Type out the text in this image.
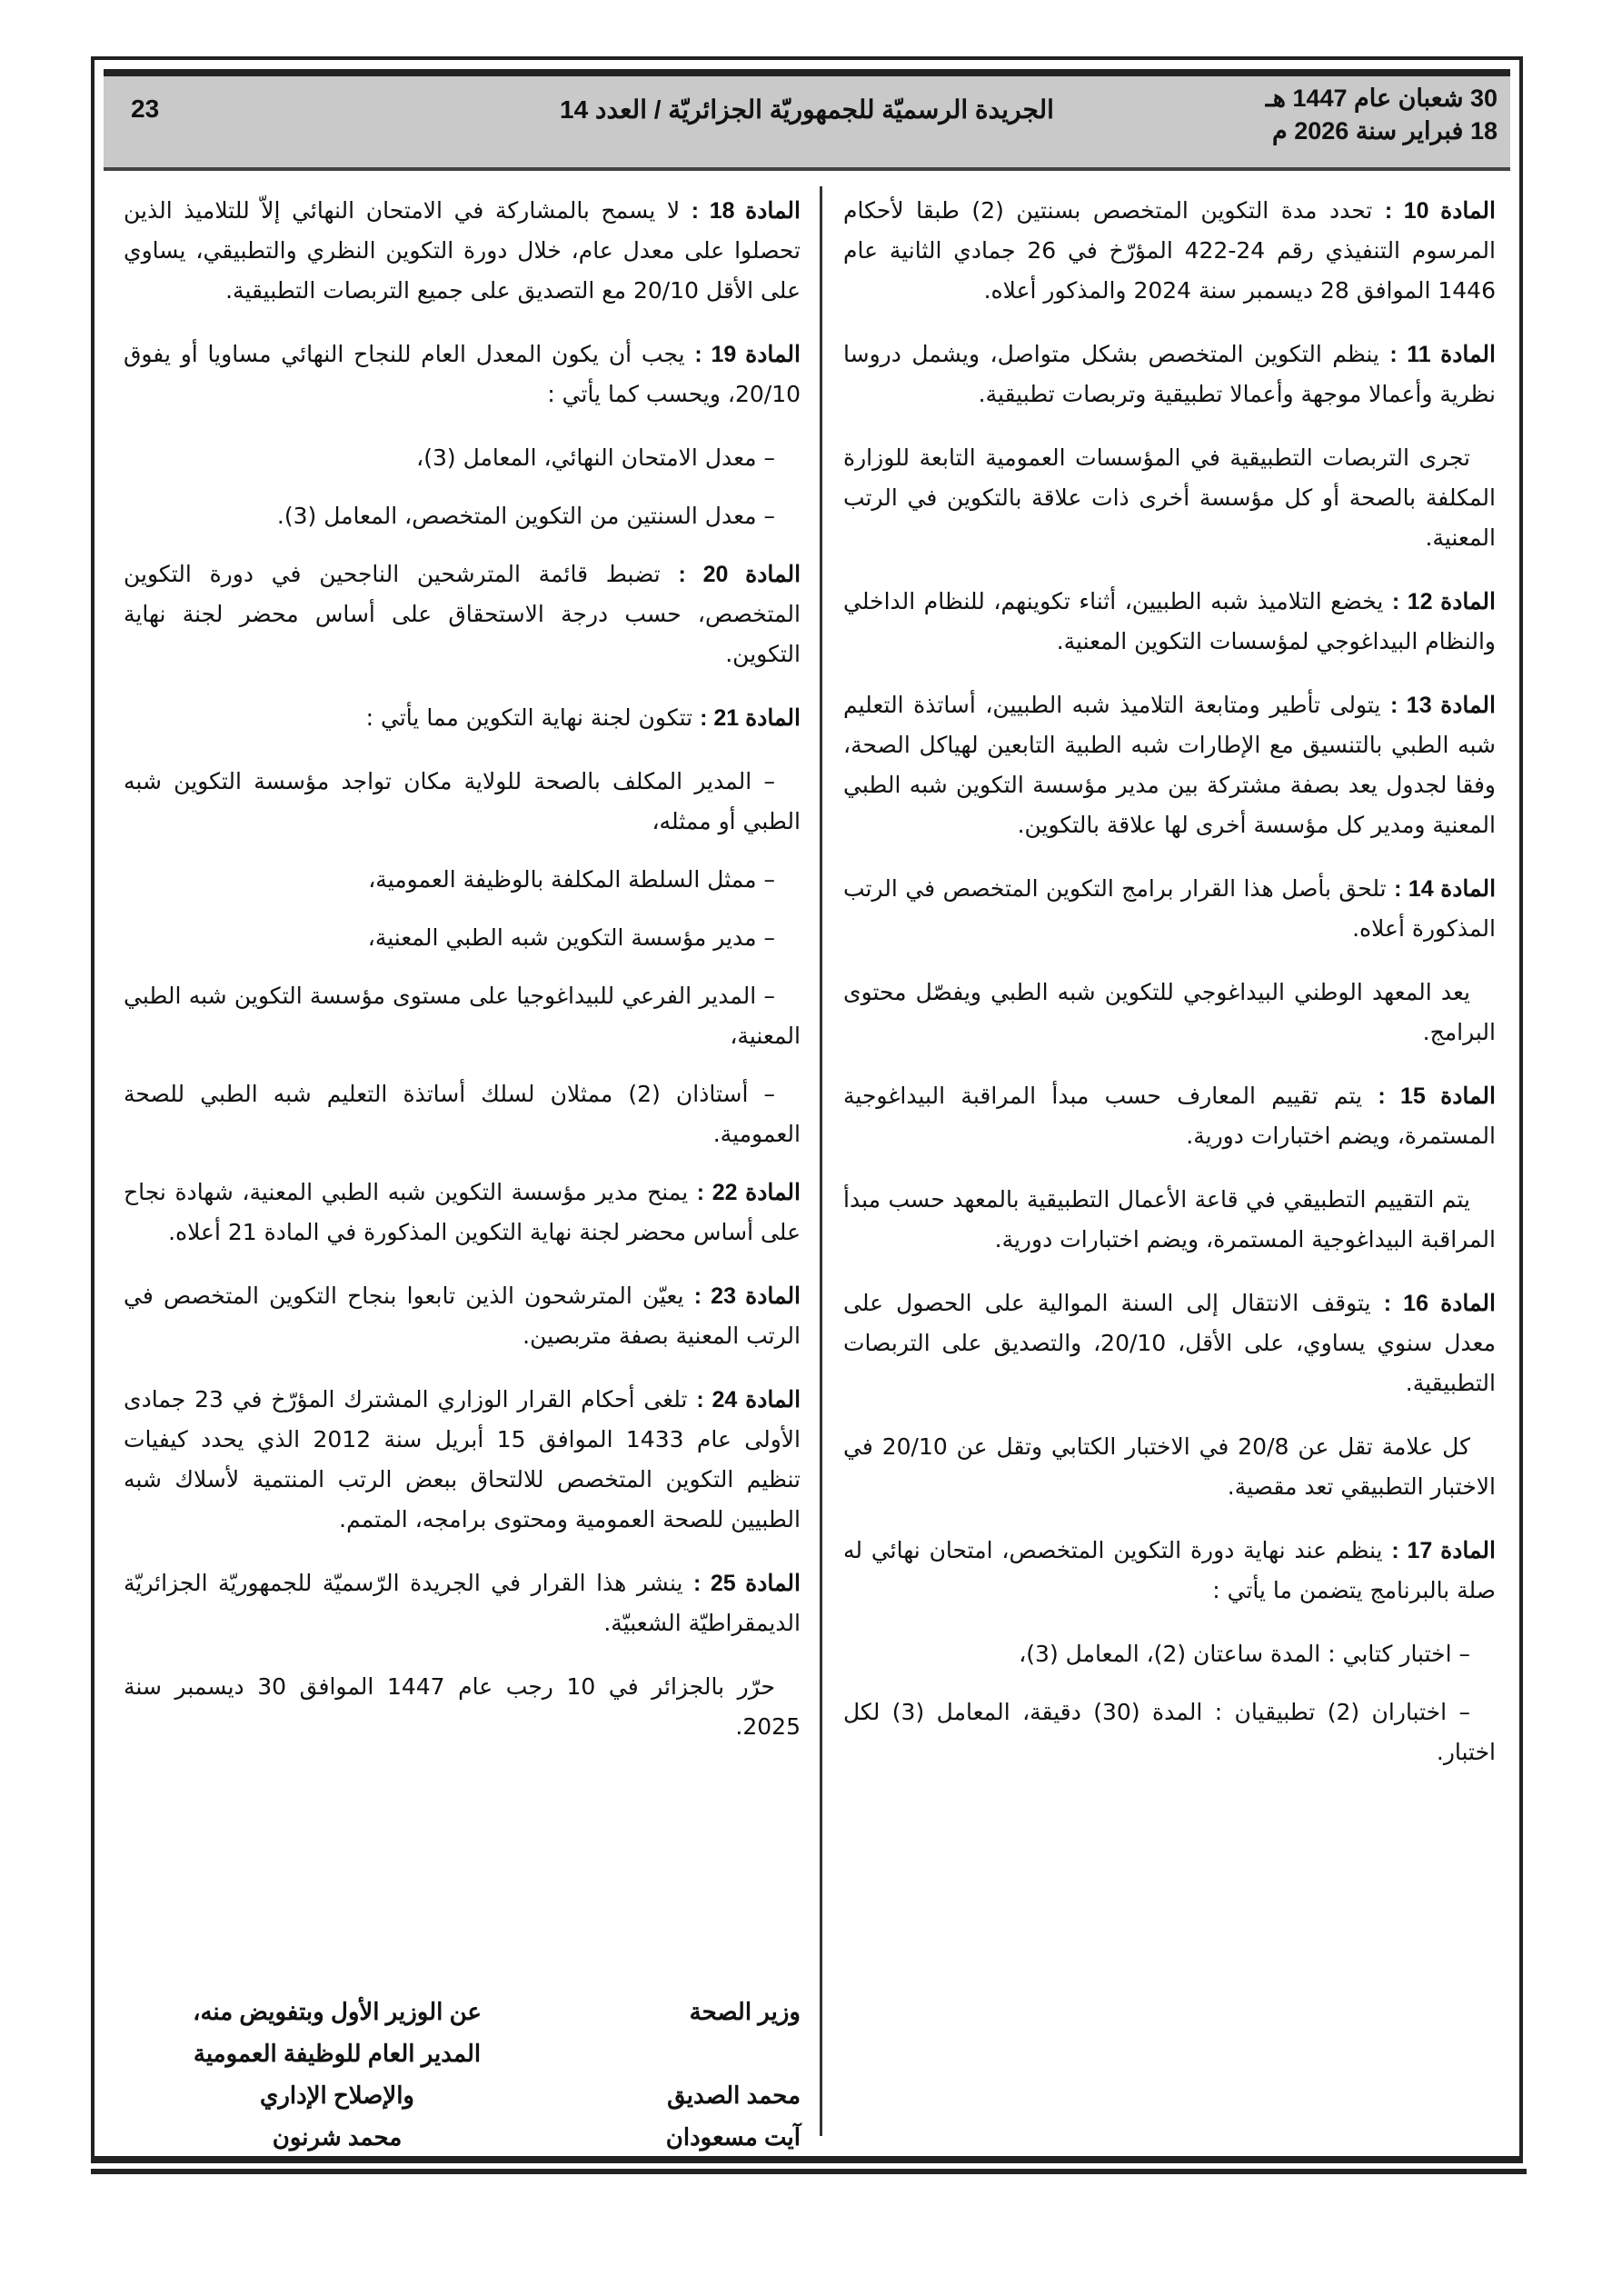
30 شعبان عام 1447 هـ
18 فبراير سنة 2026 م
الجريدة الرسميّة للجمهوريّة الجزائريّة / العدد 14
23

المادة 10 : تحدد مدة التكوين المتخصص بسنتين (2) طبقا لأحكام المرسوم التنفيذي رقم 24-422 المؤرّخ في 26 جمادي الثانية عام 1446 الموافق 28 ديسمبر سنة 2024 والمذكور أعلاه.

المادة 11 : ينظم التكوين المتخصص بشكل متواصل، ويشمل دروسا نظرية وأعمالا موجهة وأعمالا تطبيقية وتربصات تطبيقية.

تجرى التربصات التطبيقية في المؤسسات العمومية التابعة للوزارة المكلفة بالصحة أو كل مؤسسة أخرى ذات علاقة بالتكوين في الرتب المعنية.

المادة 12 : يخضع التلاميذ شبه الطبيين، أثناء تكوينهم، للنظام الداخلي والنظام البيداغوجي لمؤسسات التكوين المعنية.

المادة 13 : يتولى تأطير ومتابعة التلاميذ شبه الطبيين، أساتذة التعليم شبه الطبي بالتنسيق مع الإطارات شبه الطبية التابعين لهياكل الصحة، وفقا لجدول يعد بصفة مشتركة بين مدير مؤسسة التكوين شبه الطبي المعنية ومدير كل مؤسسة أخرى لها علاقة بالتكوين.

المادة 14 : تلحق بأصل هذا القرار برامج التكوين المتخصص في الرتب المذكورة أعلاه.

يعد المعهد الوطني البيداغوجي للتكوين شبه الطبي ويفصّل محتوى البرامج.

المادة 15 : يتم تقييم المعارف حسب مبدأ المراقبة البيداغوجية المستمرة، ويضم اختبارات دورية.

يتم التقييم التطبيقي في قاعة الأعمال التطبيقية بالمعهد حسب مبدأ المراقبة البيداغوجية المستمرة، ويضم اختبارات دورية.

المادة 16 : يتوقف الانتقال إلى السنة الموالية على الحصول على معدل سنوي يساوي، على الأقل، 20/10، والتصديق على التربصات التطبيقية.

كل علامة تقل عن 20/8 في الاختبار الكتابي وتقل عن 20/10 في الاختبار التطبيقي تعد مقصية.

المادة 17 : ينظم عند نهاية دورة التكوين المتخصص، امتحان نهائي له صلة بالبرنامج يتضمن ما يأتي :

– اختبار كتابي : المدة ساعتان (2)، المعامل (3)،

– اختباران (2) تطبيقيان : المدة (30) دقيقة، المعامل (3) لكل اختبار.

المادة 18 : لا يسمح بالمشاركة في الامتحان النهائي إلاّ للتلاميذ الذين تحصلوا على معدل عام، خلال دورة التكوين النظري والتطبيقي، يساوي على الأقل 20/10 مع التصديق على جميع التربصات التطبيقية.

المادة 19 : يجب أن يكون المعدل العام للنجاح النهائي مساويا أو يفوق 20/10، ويحسب كما يأتي :

– معدل الامتحان النهائي، المعامل (3)،

– معدل السنتين من التكوين المتخصص، المعامل (3).

المادة 20 : تضبط قائمة المترشحين الناجحين في دورة التكوين المتخصص، حسب درجة الاستحقاق على أساس محضر لجنة نهاية التكوين.

المادة 21 : تتكون لجنة نهاية التكوين مما يأتي :

– المدير المكلف بالصحة للولاية مكان تواجد مؤسسة التكوين شبه الطبي أو ممثله،

– ممثل السلطة المكلفة بالوظيفة العمومية،

– مدير مؤسسة التكوين شبه الطبي المعنية،

– المدير الفرعي للبيداغوجيا على مستوى مؤسسة التكوين شبه الطبي المعنية،

– أستاذان (2) ممثلان لسلك أساتذة التعليم شبه الطبي للصحة العمومية.

المادة 22 : يمنح مدير مؤسسة التكوين شبه الطبي المعنية، شهادة نجاح على أساس محضر لجنة نهاية التكوين المذكورة في المادة 21 أعلاه.

المادة 23 : يعيّن المترشحون الذين تابعوا بنجاح التكوين المتخصص في الرتب المعنية بصفة متربصين.

المادة 24 : تلغى أحكام القرار الوزاري المشترك المؤرّخ في 23 جمادى الأولى عام 1433 الموافق 15 أبريل سنة 2012 الذي يحدد كيفيات تنظيم التكوين المتخصص للالتحاق ببعض الرتب المنتمية لأسلاك شبه الطبيين للصحة العمومية ومحتوى برامجه، المتمم.

المادة 25 : ينشر هذا القرار في الجريدة الرّسميّة للجمهوريّة الجزائريّة الديمقراطيّة الشعبيّة.

حرّر بالجزائر في 10 رجب عام 1447 الموافق 30 ديسمبر سنة 2025.

وزير الصحة
محمد الصديق
آيت مسعودان
عن الوزير الأول وبتفويض منه،
المدير العام للوظيفة العمومية
والإصلاح الإداري
محمد شرنون
